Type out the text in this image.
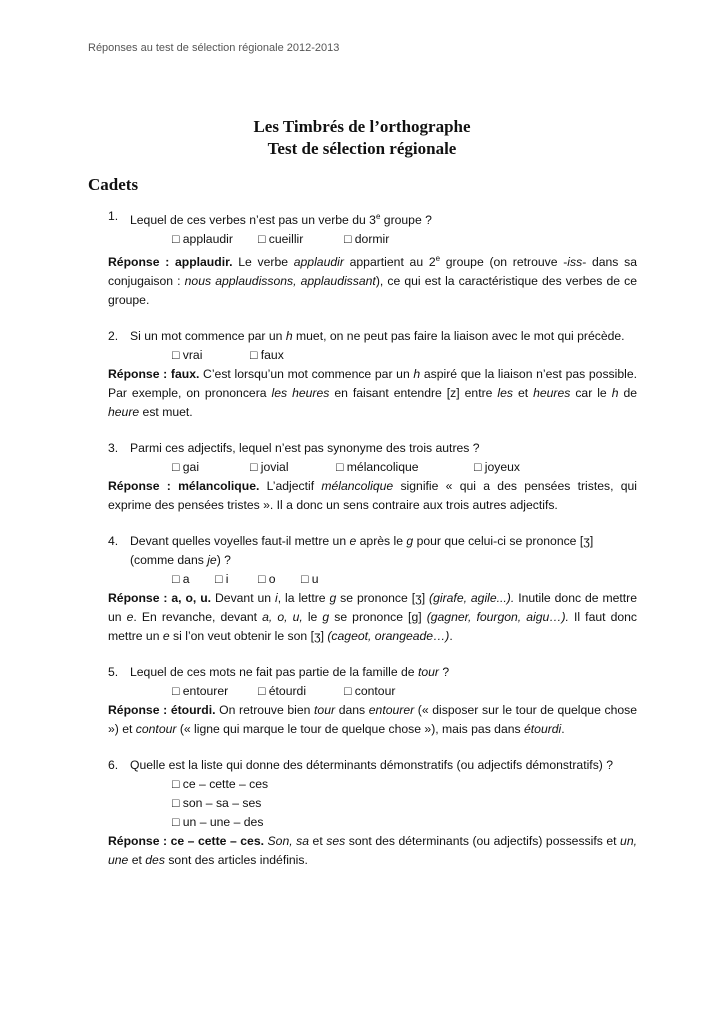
Réponses au test de sélection régionale 2012-2013
Les Timbrés de l’orthographe
Test de sélection régionale
Cadets
1. Lequel de ces verbes n’est pas un verbe du 3e groupe ?
□ applaudir	□ cueillir	□ dormir
Réponse : applaudir. Le verbe applaudir appartient au 2e groupe (on retrouve -iss- dans sa conjugaison : nous applaudissons, applaudissant), ce qui est la caractéristique des verbes de ce groupe.
2. Si un mot commence par un h muet, on ne peut pas faire la liaison avec le mot qui précède.
□ vrai	□ faux
Réponse : faux. C’est lorsqu’un mot commence par un h aspiré que la liaison n’est pas possible. Par exemple, on prononcera les heures en faisant entendre [z] entre les et heures car le h de heure est muet.
3. Parmi ces adjectifs, lequel n’est pas synonyme des trois autres ?
□ gai	□ jovial	□ mélancolique	□ joyeux
Réponse : mélancolique. L’adjectif mélancolique signifie « qui a des pensées tristes, qui exprime des pensées tristes ». Il a donc un sens contraire aux trois autres adjectifs.
4. Devant quelles voyelles faut-il mettre un e après le g pour que celui-ci se prononce [ʒ]
(comme dans je) ?
□ a	□ i	□ o	□ u
Réponse : a, o, u. Devant un i, la lettre g se prononce [ʒ] (girafe, agile...). Inutile donc de mettre un e. En revanche, devant a, o, u, le g se prononce [g] (gagner, fourgon, aigu…). Il faut donc mettre un e si l’on veut obtenir le son [ʒ] (cageot, orangeade…).
5. Lequel de ces mots ne fait pas partie de la famille de tour ?
□ entourer	□ étourdi	□ contour
Réponse : étourdi. On retrouve bien tour dans entourer (« disposer sur le tour de quelque chose ») et contour (« ligne qui marque le tour de quelque chose »), mais pas dans étourdi.
6. Quelle est la liste qui donne des déterminants démonstratifs (ou adjectifs démonstratifs) ?
□ ce – cette – ces
□ son – sa – ses
□ un – une – des
Réponse : ce – cette – ces. Son, sa et ses sont des déterminants (ou adjectifs) possessifs et un, une et des sont des articles indéfinis.
